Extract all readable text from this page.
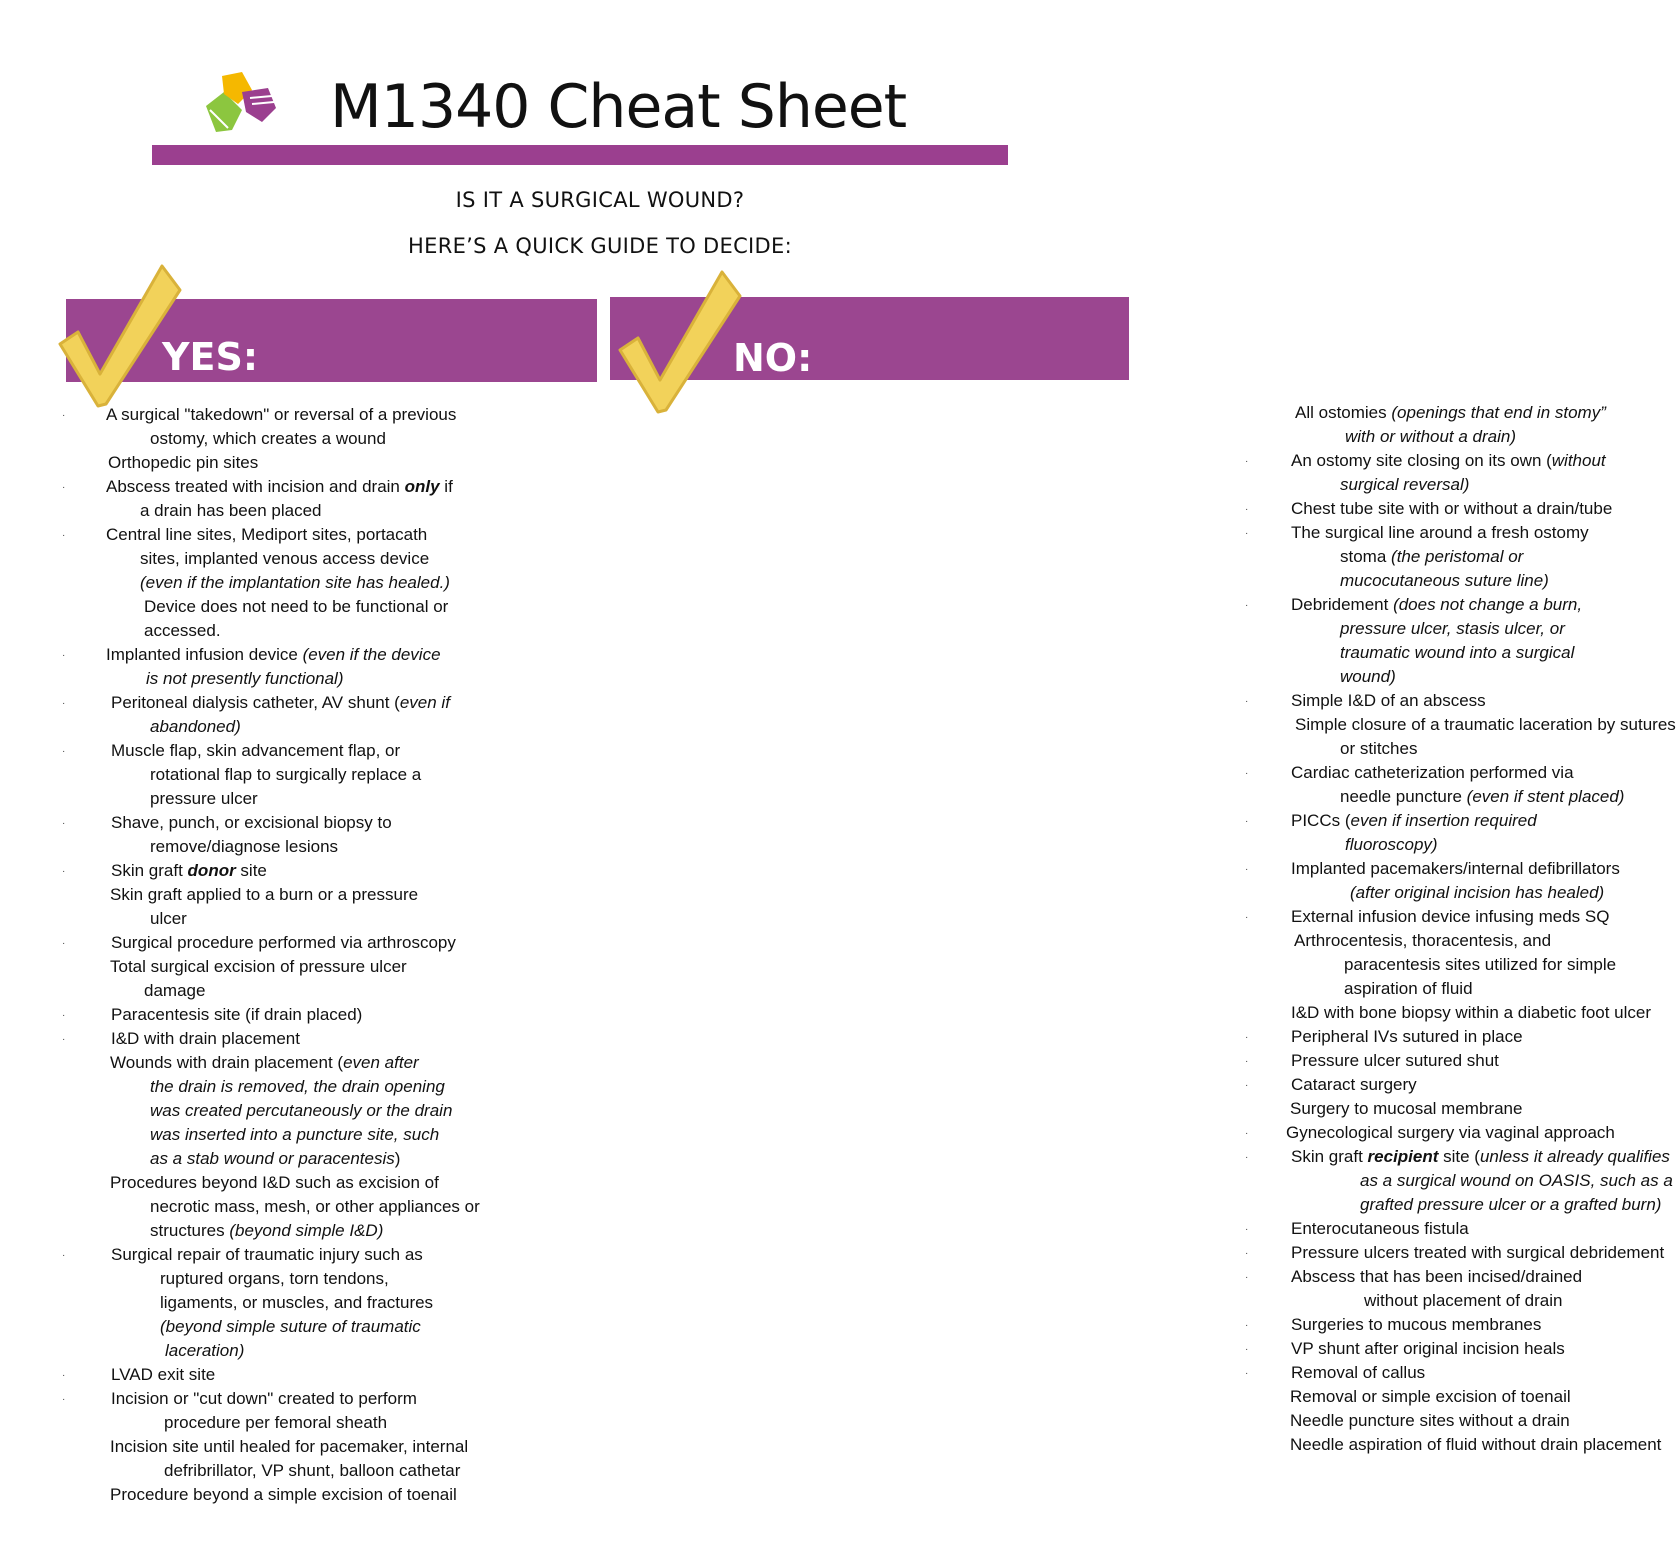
M1340 Cheat Sheet
IS IT A SURGICAL WOUND?
HERE’S A QUICK GUIDE TO DECIDE:
YES:	NO:
·	A surgical "takedown" or reversal of a previous
ostomy, which creates a wound
Orthopedic pin sites
·	Abscess treated with incision and drain only if
a drain has been placed
·	Central line sites, Mediport sites, portacath
sites, implanted venous access device
(even if the implantation site has healed.)
Device does not need to be functional or
accessed.
·	Implanted infusion device (even if the device
is not presently functional)
·	Peritoneal dialysis catheter, AV shunt (even if
abandoned)
·	Muscle flap, skin advancement flap, or
rotational flap to surgically replace a
pressure ulcer
·	Shave, punch, or excisional biopsy to
remove/diagnose lesions
·	Skin graft donor site
Skin graft applied to a burn or a pressure
ulcer
·	Surgical procedure performed via arthroscopy
Total surgical excision of pressure ulcer
damage
·	Paracentesis site (if drain placed)
·	I&D with drain placement
Wounds with drain placement (even after
the drain is removed, the drain opening
was created percutaneously or the drain
was inserted into a puncture site, such
as a stab wound or paracentesis)
Procedures beyond I&D such as excision of
necrotic mass, mesh, or other appliances or
structures (beyond simple I&D)
·	Surgical repair of traumatic injury such as
ruptured organs, torn tendons,
ligaments, or muscles, and fractures
(beyond simple suture of traumatic
laceration)
·	LVAD exit site
·	Incision or "cut down" created to perform
procedure per femoral sheath
Incision site until healed for pacemaker, internal
defribrillator, VP shunt, balloon cathetar
Procedure beyond a simple excision of toenail
All ostomies (openings that end in stomy”
with or without a drain)
·	An ostomy site closing on its own (without
surgical reversal)
·	Chest tube site with or without a drain/tube
·	The surgical line around a fresh ostomy
stoma (the peristomal or
mucocutaneous suture line)
·	Debridement (does not change a burn,
pressure ulcer, stasis ulcer, or
traumatic wound into a surgical
wound)
·	Simple I&D of an abscess
Simple closure of a traumatic laceration by sutures
or stitches
·	Cardiac catheterization performed via
needle puncture (even if stent placed)
·	PICCs (even if insertion required
fluoroscopy)
·	Implanted pacemakers/internal defibrillators
(after original incision has healed)
·	External infusion device infusing meds SQ
Arthrocentesis, thoracentesis, and
paracentesis sites utilized for simple
aspiration of fluid
I&D with bone biopsy within a diabetic foot ulcer
·	Peripheral IVs sutured in place
·	Pressure ulcer sutured shut
·	Cataract surgery
Surgery to mucosal membrane
·	Gynecological surgery via vaginal approach
·	Skin graft recipient site (unless it already qualifies
as a surgical wound on OASIS, such as a
grafted pressure ulcer or a grafted burn)
·	Enterocutaneous fistula
·	Pressure ulcers treated with surgical debridement
·	Abscess that has been incised/drained
without placement of drain
·	Surgeries to mucous membranes
·	VP shunt after original incision heals
·	Removal of callus
Removal or simple excision of toenail
Needle puncture sites without a drain
Needle aspiration of fluid without drain placement
